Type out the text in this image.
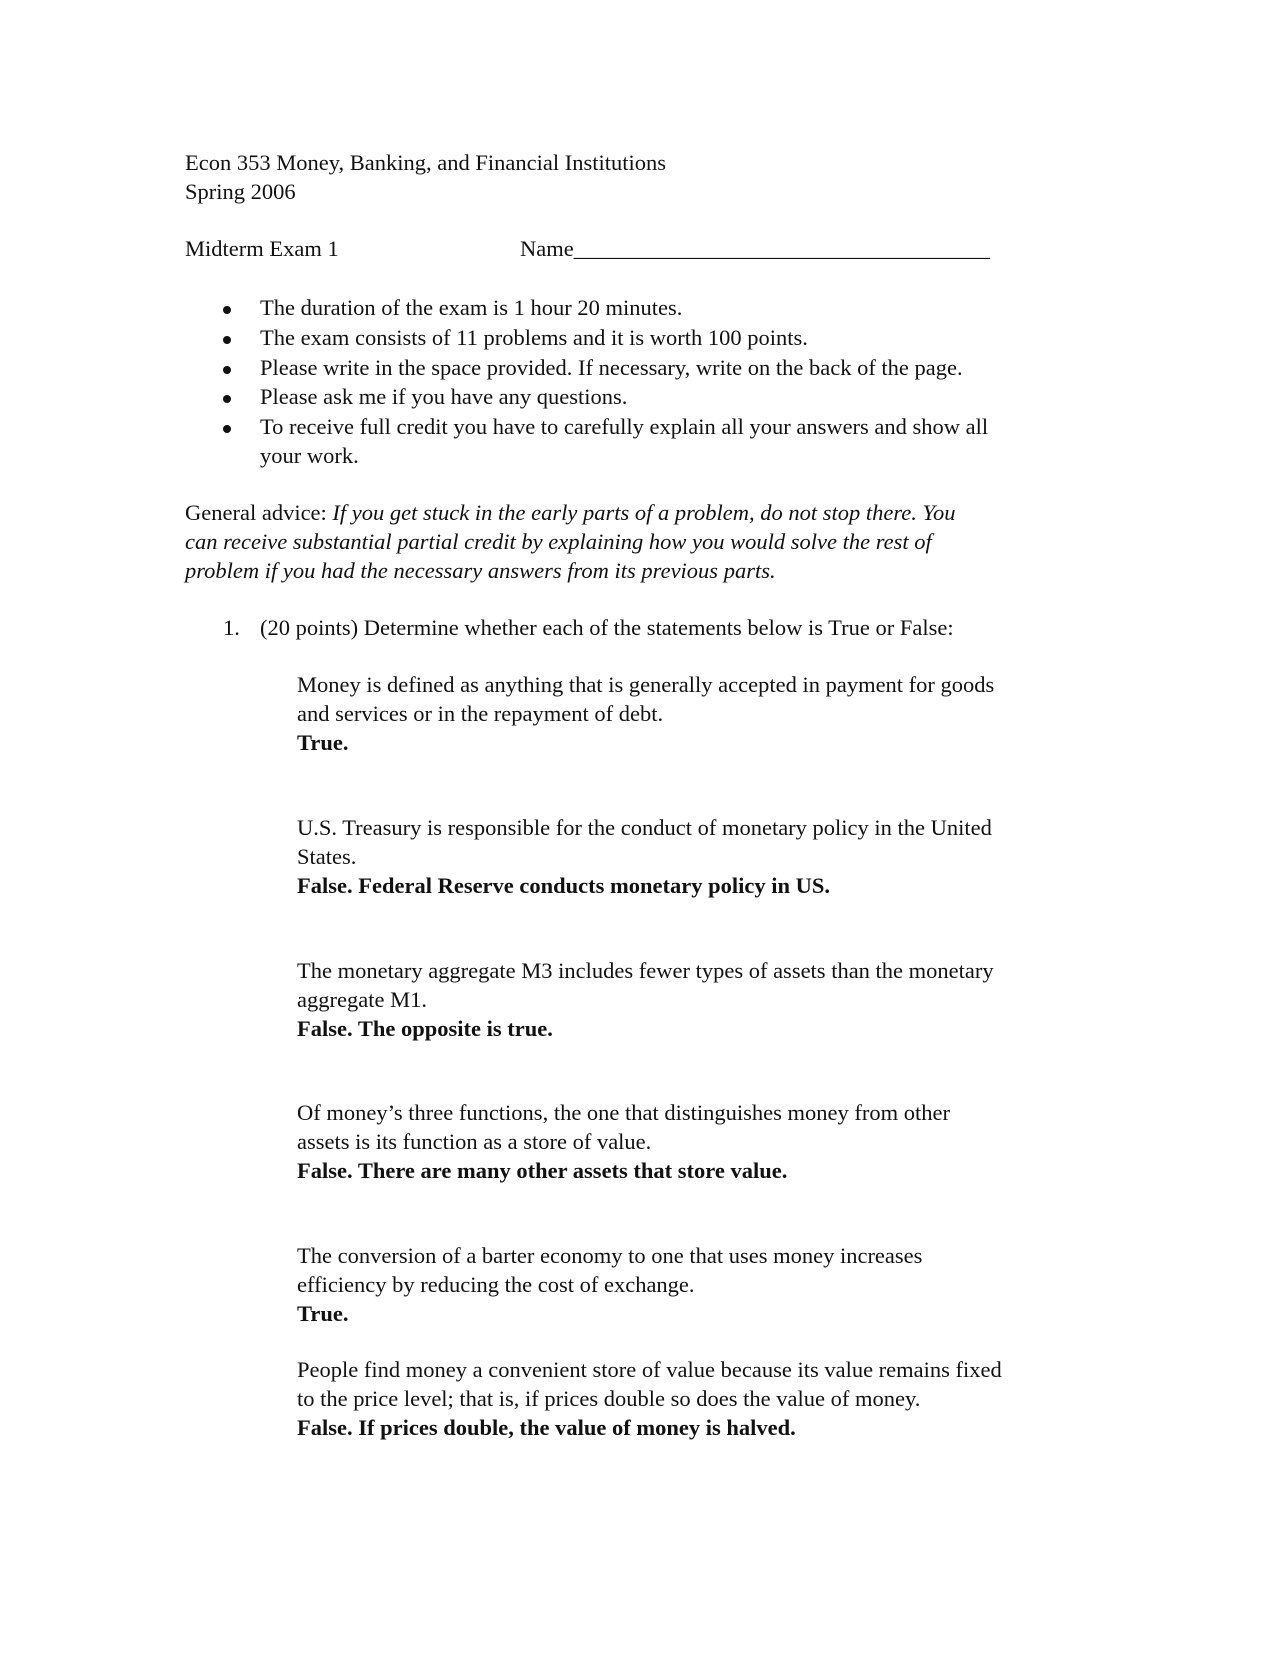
Econ 353 Money, Banking, and Financial Institutions
Spring 2006
Midterm Exam 1	Name_____________________________________
The duration of the exam is 1 hour 20 minutes.
The exam consists of 11 problems and it is worth 100 points.
Please write in the space provided. If necessary, write on the back of the page.
Please ask me if you have any questions.
To receive full credit you have to carefully explain all your answers and show all
your work.
General advice: If you get stuck in the early parts of a problem, do not stop there. You
can receive substantial partial credit by explaining how you would solve the rest of
problem if you had the necessary answers from its previous parts.
1. (20 points) Determine whether each of the statements below is True or False:
Money is defined as anything that is generally accepted in payment for goods
and services or in the repayment of debt.
True.
U.S. Treasury is responsible for the conduct of monetary policy in the United
States.
False. Federal Reserve conducts monetary policy in US.
The monetary aggregate M3 includes fewer types of assets than the monetary
aggregate M1.
False. The opposite is true.
Of money’s three functions, the one that distinguishes money from other
assets is its function as a store of value.
False. There are many other assets that store value.
The conversion of a barter economy to one that uses money increases
efficiency by reducing the cost of exchange.
True.
People find money a convenient store of value because its value remains fixed
to the price level; that is, if prices double so does the value of money.
False. If prices double, the value of money is halved.
